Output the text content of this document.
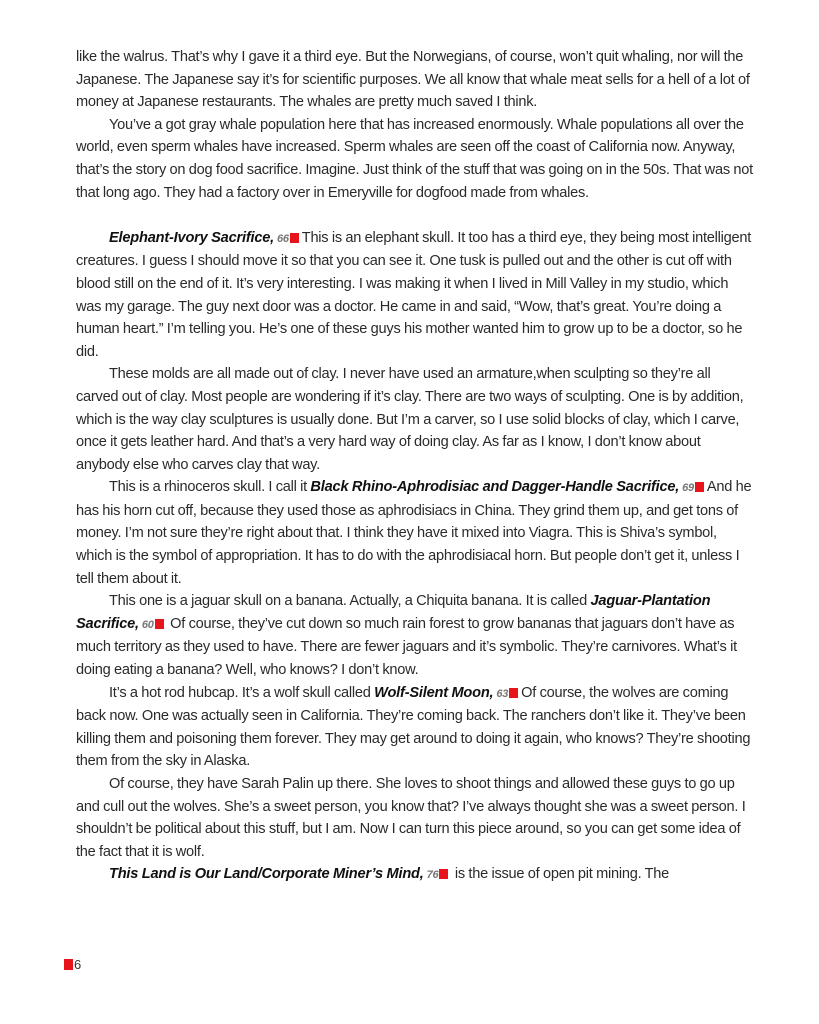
like the walrus. That’s why I gave it a third eye. But the Norwegians, of course, won’t quit whaling, nor will the Japanese. The Japanese say it’s for scientific purposes. We all know that whale meat sells for a hell of a lot of money at Japanese restaurants. The whales are pretty much saved I think.

You’ve a got gray whale population here that has increased enormously. Whale populations all over the world, even sperm whales have increased. Sperm whales are seen off the coast of California now. Anyway, that’s the story on dog food sacrifice. Imagine. Just think of the stuff that was going on in the 50s. That was not that long ago. They had a factory over in Emeryville for dogfood made from whales.

Elephant-Ivory Sacrifice, 66 This is an elephant skull. It too has a third eye, they being most intelligent creatures. I guess I should move it so that you can see it. One tusk is pulled out and the other is cut off with blood still on the end of it. It’s very interesting. I was making it when I lived in Mill Valley in my studio, which was my garage. The guy next door was a doctor. He came in and said, “Wow, that’s great. You’re doing a human heart.” I’m telling you. He’s one of these guys his mother wanted him to grow up to be a doctor, so he did.

These molds are all made out of clay. I never have used an armature,when sculpting so they’re all carved out of clay. Most people are wondering if it’s clay. There are two ways of sculpting. One is by addition, which is the way clay sculptures is usually done. But I’m a carver, so I use solid blocks of clay, which I carve, once it gets leather hard. And that’s a very hard way of doing clay. As far as I know, I don’t know about anybody else who carves clay that way.

This is a rhinoceros skull. I call it Black Rhino-Aphrodisiac and Dagger-Handle Sacrifice, 69 And he has his horn cut off, because they used those as aphrodisiacs in China. They grind them up, and get tons of money. I’m not sure they’re right about that. I think they have it mixed into Viagra. This is Shiva’s symbol, which is the symbol of appropriation. It has to do with the aphrodisiacal horn. But people don’t get it, unless I tell them about it.

This one is a jaguar skull on a banana. Actually, a Chiquita banana. It is called Jaguar-Plantation Sacrifice, 60 Of course, they’ve cut down so much rain forest to grow bananas that jaguars don’t have as much territory as they used to have. There are fewer jaguars and it’s symbolic. They’re carnivores. What’s it doing eating a banana? Well, who knows? I don’t know.

It’s a hot rod hubcap. It’s a wolf skull called Wolf-Silent Moon, 63 Of course, the wolves are coming back now. One was actually seen in California. They’re coming back. The ranchers don’t like it. They’ve been killing them and poisoning them forever. They may get around to doing it again, who knows? They’re shooting them from the sky in Alaska.

Of course, they have Sarah Palin up there. She loves to shoot things and allowed these guys to go up and cull out the wolves. She’s a sweet person, you know that? I’ve always thought she was a sweet person. I shouldn’t be political about this stuff, but I am. Now I can turn this piece around, so you can get some idea of the fact that it is wolf.

This Land is Our Land/Corporate Miner’s Mind, 76 is the issue of open pit mining. The

6
